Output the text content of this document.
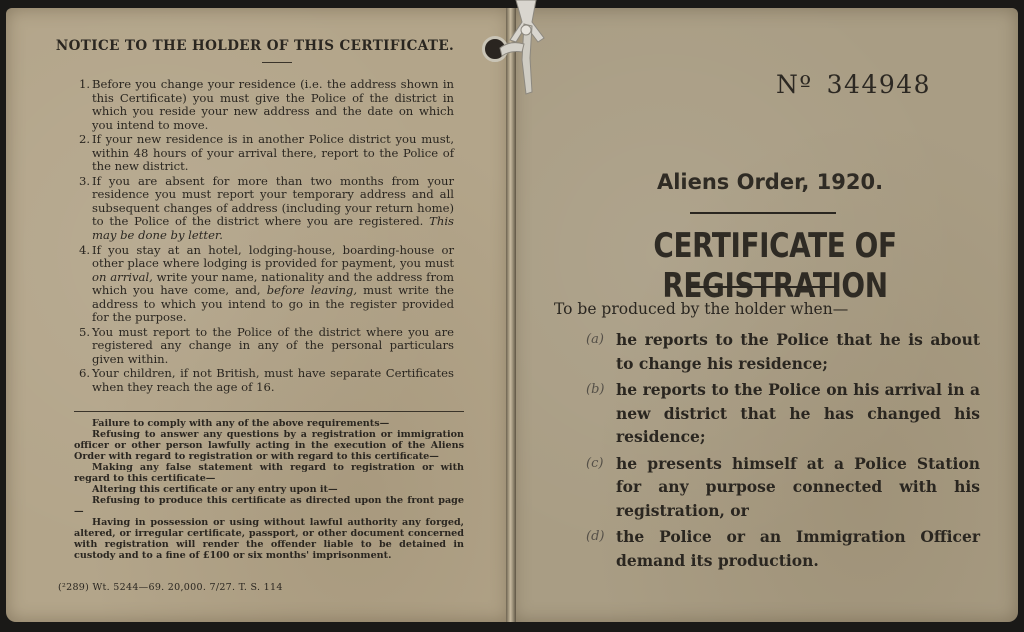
NOTICE TO THE HOLDER OF THIS CERTIFICATE.
1. Before you change your residence (i.e. the address shown in this Certificate) you must give the Police of the district in which you reside your new address and the date on which you intend to move.
2. If your new residence is in another Police district you must, within 48 hours of your arrival there, report to the Police of the new district.
3. If you are absent for more than two months from your residence you must report your temporary address and all subsequent changes of address (including your return home) to the Police of the district where you are registered. This may be done by letter.
4. If you stay at an hotel, lodging-house, boarding-house or other place where lodging is provided for payment, you must on arrival, write your name, nationality and the address from which you have come, and, before leaving, must write the address to which you intend to go in the register provided for the purpose.
5. You must report to the Police of the district where you are registered any change in any of the personal particulars given within.
6. Your children, if not British, must have separate Certificates when they reach the age of 16.

Failure to comply with any of the above requirements—

Refusing to answer any questions by a registration or immigration officer or other person lawfully acting in the execution of the Aliens Order with regard to registration or with regard to this certificate—

Making any false statement with regard to registration or with regard to this certificate—

Altering this certificate or any entry upon it—

Refusing to produce this certificate as directed upon the front page—

Having in possession or using without lawful authority any forged, altered, or irregular certificate, passport, or other document concerned with registration will render the offender liable to be detained in custody and to a fine of £100 or six months' imprisonment.

(²289) Wt. 5244—69. 20,000. 7/27. T. S. 114
Nº 344948
Aliens Order, 1920.
CERTIFICATE OF REGISTRATION
To be produced by the holder when—
(a) he reports to the Police that he is about to change his residence;
(b) he reports to the Police on his arrival in a new district that he has changed his residence;
(c) he presents himself at a Police Station for any purpose connected with his registration, or
(d) the Police or an Immigration Officer demand its production.
